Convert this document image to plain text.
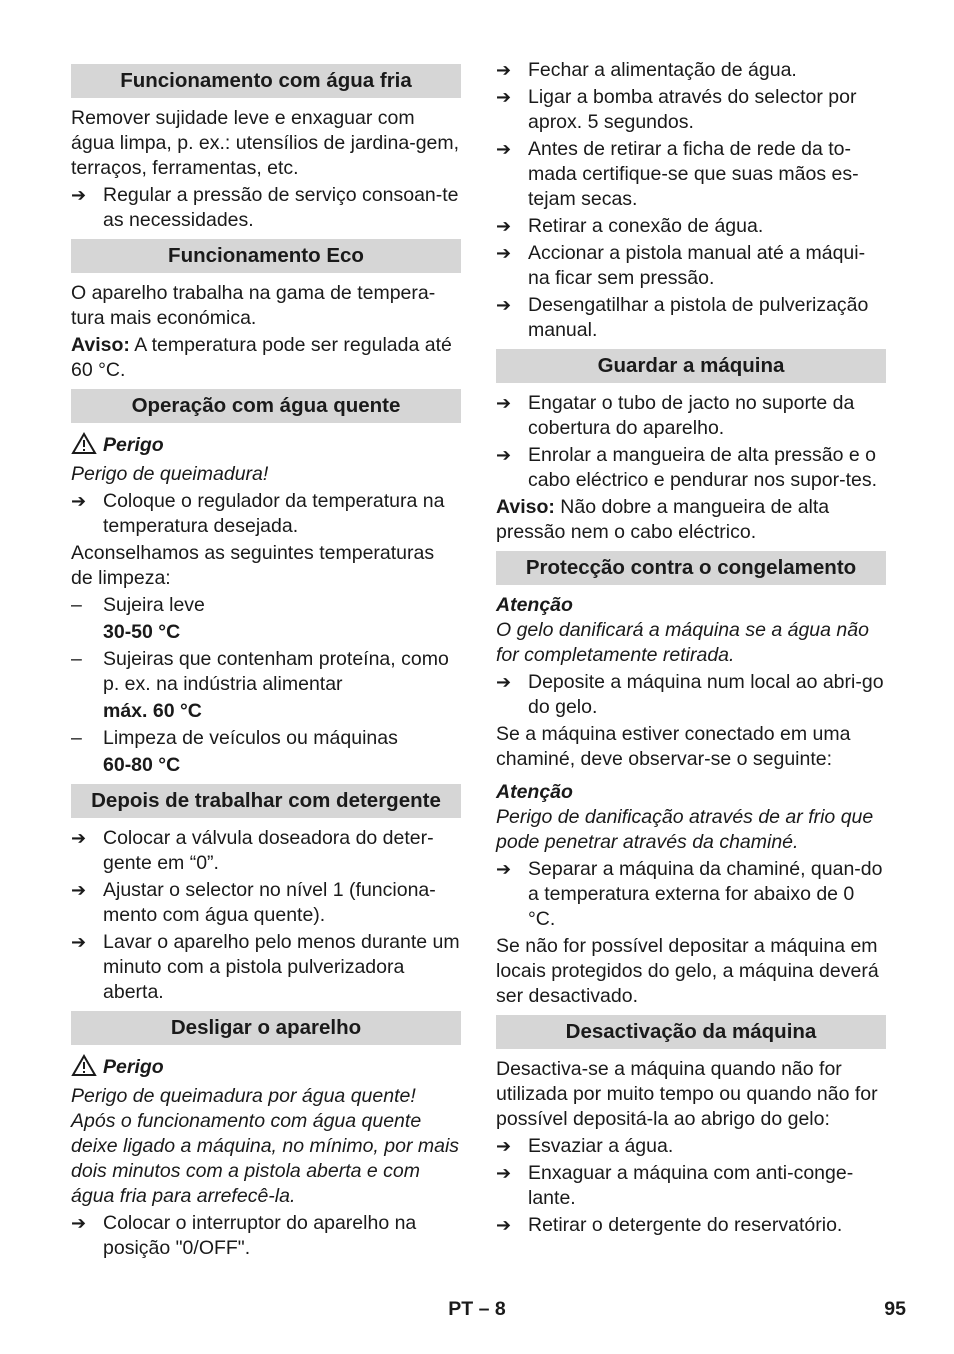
Funcionamento com água fria
Remover sujidade leve e enxaguar com água limpa, p. ex.: utensílios de jardina-gem, terraços, ferramentas, etc.
➔ Regular a pressão de serviço consoan-te as necessidades.
Funcionamento Eco
O aparelho trabalha na gama de tempera-tura mais económica.
Aviso: A temperatura pode ser regulada até 60 °C.
Operação com água quente
Perigo
Perigo de queimadura!
➔ Coloque o regulador da temperatura na temperatura desejada.
Aconselhamos as seguintes temperaturas de limpeza:
–	Sujeira leve
30-50 °C
–	Sujeiras que contenham proteína, como p. ex. na indústria alimentar
máx. 60 °C
–	Limpeza de veículos ou máquinas
60-80 °C
Depois de trabalhar com detergente
➔ Colocar a válvula doseadora do deter-gente em “0”.
➔ Ajustar o selector no nível 1 (funciona-mento com água quente).
➔ Lavar o aparelho pelo menos durante um minuto com a pistola pulverizadora aberta.
Desligar o aparelho
Perigo
Perigo de queimadura por água quente! Após o funcionamento com água quente deixe ligado a máquina, no mínimo, por mais dois minutos com a pistola aberta e com água fria para arrefecê-la.
➔ Colocar o interruptor do aparelho na posição "0/OFF".
➔ Fechar a alimentação de água.
➔ Ligar a bomba através do selector por aprox. 5 segundos.
➔ Antes de retirar a ficha de rede da to-mada certifique-se que suas mãos es-tejam secas.
➔ Retirar a conexão de água.
➔ Accionar a pistola manual até a máqui-na ficar sem pressão.
➔ Desengatilhar a pistola de pulverização manual.
Guardar a máquina
➔ Engatar o tubo de jacto no suporte da cobertura do aparelho.
➔ Enrolar a mangueira de alta pressão e o cabo eléctrico e pendurar nos supor-tes.
Aviso: Não dobre a mangueira de alta pressão nem o cabo eléctrico.
Protecção contra o congelamento
Atenção
O gelo danificará a máquina se a água não for completamente retirada.
➔ Deposite a máquina num local ao abri-go do gelo.
Se a máquina estiver conectado em uma chaminé, deve observar-se o seguinte:
Atenção
Perigo de danificação através de ar frio que pode penetrar através da chaminé.
➔ Separar a máquina da chaminé, quan-do a temperatura externa for abaixo de 0 °C.
Se não for possível depositar a máquina em locais protegidos do gelo, a máquina deverá ser desactivado.
Desactivação da máquina
Desactiva-se a máquina quando não for utilizada por muito tempo ou quando não for possível depositá-la ao abrigo do gelo:
➔ Esvaziar a água.
➔ Enxaguar a máquina com anti-conge-lante.
➔ Retirar o detergente do reservatório.
PT – 8	95
